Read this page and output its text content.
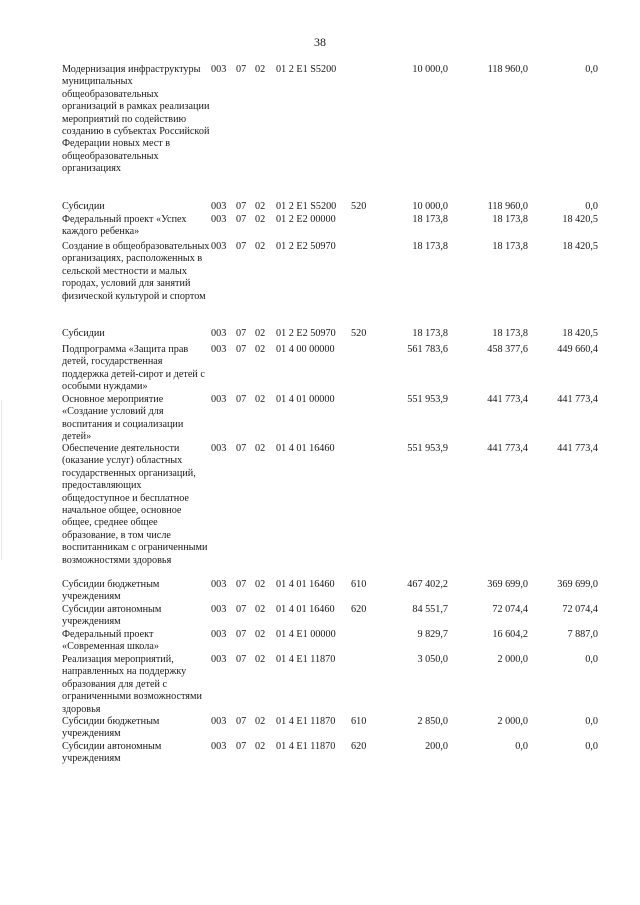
38
Модернизация инфраструктуры муниципальных общеобразовательных организаций в рамках реализации мероприятий по содействию созданию в субъектах Российской Федерации новых мест в общеобразовательных организациях
003 07 02 01 2 E1 S5200	10 000,0	118 960,0	0,0
Субсидии	003 07 02 01 2 E1 S5200 520	10 000,0	118 960,0	0,0
Федеральный проект «Успех каждого ребенка»
003 07 02 01 2 E2 00000	18 173,8	18 173,8	18 420,5
Создание в общеобразовательных организациях, расположенных в сельской местности и малых городах, условий для занятий физической культурой и спортом
003 07 02 01 2 E2 50970	18 173,8	18 173,8	18 420,5
Субсидии	003 07 02 01 2 E2 50970 520	18 173,8	18 173,8	18 420,5
Подпрограмма «Защита прав детей, государственная поддержка детей-сирот и детей с особыми нуждами»
003 07 02 01 4 00 00000	561 783,6	458 377,6	449 660,4
Основное мероприятие «Создание условий для воспитания и социализации детей»
003 07 02 01 4 01 00000	551 953,9	441 773,4	441 773,4
Обеспечение деятельности (оказание услуг) областных государственных организаций, предоставляющих общедоступное и бесплатное начальное общее, основное общее, среднее общее образование, в том числе воспитанникам с ограниченными возможностями здоровья
003 07 02 01 4 01 16460	551 953,9	441 773,4	441 773,4
Субсидии бюджетным учреждениям
003 07 02 01 4 01 16460 610	467 402,2	369 699,0	369 699,0
Субсидии автономным учреждениям
003 07 02 01 4 01 16460 620	84 551,7	72 074,4	72 074,4
Федеральный проект «Современная школа»
003 07 02 01 4 E1 00000	9 829,7	16 604,2	7 887,0
Реализация мероприятий, направленных на поддержку образования для детей с ограниченными возможностями здоровья
003 07 02 01 4 E1 11870	3 050,0	2 000,0	0,0
Субсидии бюджетным учреждениям
003 07 02 01 4 E1 11870 610	2 850,0	2 000,0	0,0
Субсидии автономным учреждениям
003 07 02 01 4 E1 11870 620	200,0	0,0	0,0
